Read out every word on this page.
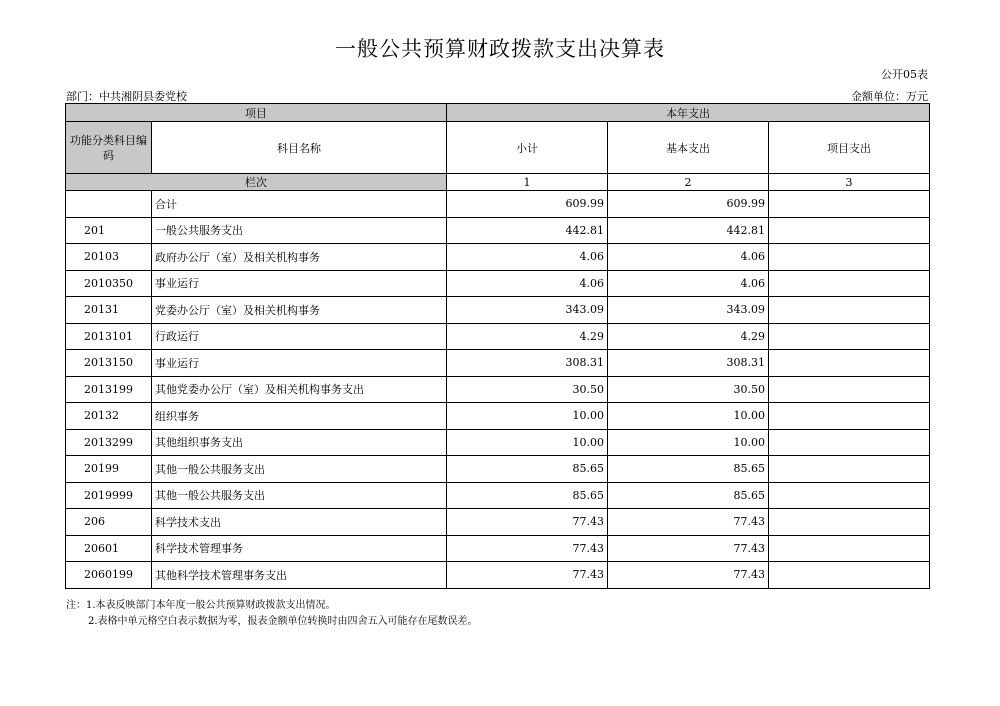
一般公共预算财政拨款支出决算表
公开05表
部门：中共湘阴县委党校	金额单位：万元
项目		本年支出		
功能分类科目编码	科目名称	小计	基本支出	项目支出
栏次		1	2	3
	合计	609.99	609.99	
201	一般公共服务支出	442.81	442.81	
20103	政府办公厅（室）及相关机构事务	4.06	4.06	
2010350	事业运行	4.06	4.06	
20131	党委办公厅（室）及相关机构事务	343.09	343.09	
2013101	行政运行	4.29	4.29	
2013150	事业运行	308.31	308.31	
2013199	其他党委办公厅（室）及相关机构事务支出	30.50	30.50	
20132	组织事务	10.00	10.00	
2013299	其他组织事务支出	10.00	10.00	
20199	其他一般公共服务支出	85.65	85.65	
2019999	其他一般公共服务支出	85.65	85.65	
206	科学技术支出	77.43	77.43	
20601	科学技术管理事务	77.43	77.43	
2060199	其他科学技术管理事务支出	77.43	77.43	
注：1.本表反映部门本年度一般公共预算财政拨款支出情况。
2.表格中单元格空白表示数据为零，报表金额单位转换时由四舍五入可能存在尾数误差。
